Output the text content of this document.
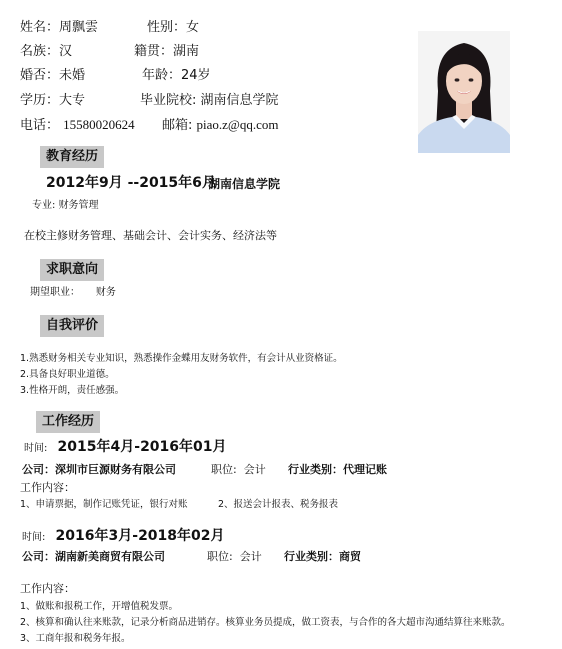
姓名：周飘雲	性别：女
名族：汉	籍贯：湖南
婚否：未婚	年龄：24岁
学历：大专	毕业院校: 湖南信息学院
电话： 15580020624 邮箱: piao.z@qq.com
教育经历
2012年9月 --2015年6月
湖南信息学院
专业: 财务管理
在校主修财务管理、基础会计、会计实务、经济法等
求职意向
期望职业： 财务
自我评价
1.熟悉财务相关专业知识，熟悉操作金蝶用友财务软件，有会计从业资格证。
2.具备良好职业道德。
3.性格开朗，责任感强。
工作经历
时间: 2015年4月-2016年01月
公司：深圳市巨源财务有限公司	职位: 会计 行业类别：代理记账
工作内容：
1、申请票据，制作记账凭证，银行对账	2、报送会计报表、税务报表
时间: 2016年3月-2018年02月
公司：湖南新美商贸有限公司	职位: 会计 行业类别：商贸
工作内容：
1、做账和报税工作，开增值税发票。
2、核算和确认往来账款，记录分析商品进销存。核算业务员提成，做工资表，与合作的各大超市沟通结算往来账款。
3、工商年报和税务年报。
